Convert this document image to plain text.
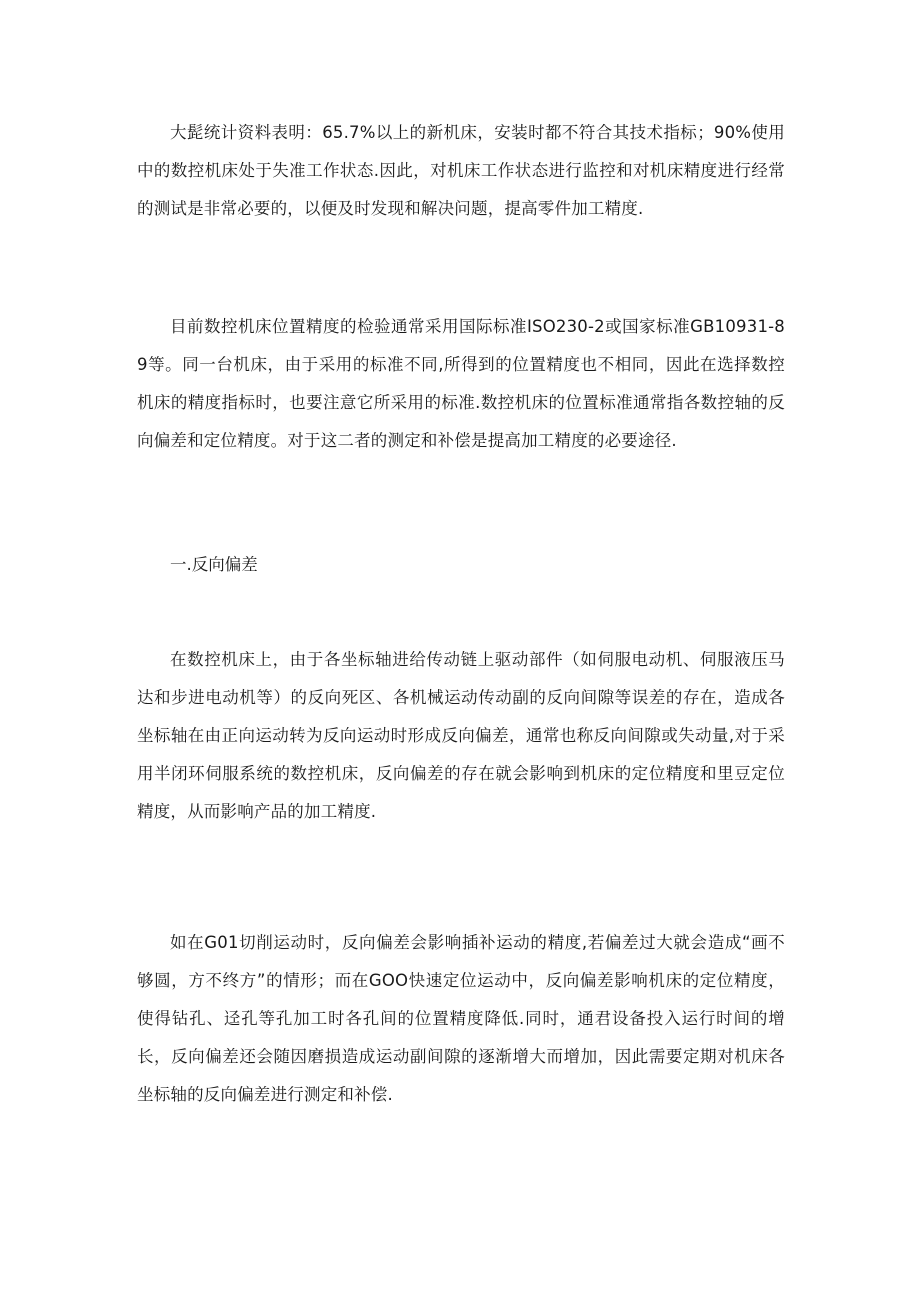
大髭统计资料表明：65.7%以上的新机床，安装时都不符合其技术指标；90%使用中的数控机床处于失准工作状态.因此，对机床工作状态进行监控和对机床精度进行经常的测试是非常必要的，以便及时发现和解决问题，提高零件加工精度.

目前数控机床位置精度的检验通常采用国际标准ISO230-2或国家标准GB10931-89等。同一台机床，由于采用的标准不同,所得到的位置精度也不相同，因此在选择数控机床的精度指标时，也要注意它所采用的标准.数控机床的位置标准通常指各数控轴的反向偏差和定位精度。对于这二者的测定和补偿是提高加工精度的必要途径.

一.反向偏差

在数控机床上，由于各坐标轴进给传动链上驱动部件（如伺服电动机、伺服液压马达和步进电动机等）的反向死区、各机械运动传动副的反向间隙等误差的存在，造成各坐标轴在由正向运动转为反向运动时形成反向偏差，通常也称反向间隙或失动量,对于采用半闭环伺服系统的数控机床，反向偏差的存在就会影响到机床的定位精度和里豆定位精度，从而影响产品的加工精度.

如在G01切削运动时，反向偏差会影响插补运动的精度,若偏差过大就会造成“画不够圆，方不终方”的情形；而在GOO快速定位运动中，反向偏差影响机床的定位精度，使得钻孔、迳孔等孔加工时各孔间的位置精度降低.同时，通君设备投入运行时间的增长，反向偏差还会随因磨损造成运动副间隙的逐渐增大而增加，因此需要定期对机床各坐标轴的反向偏差进行测定和补偿.
